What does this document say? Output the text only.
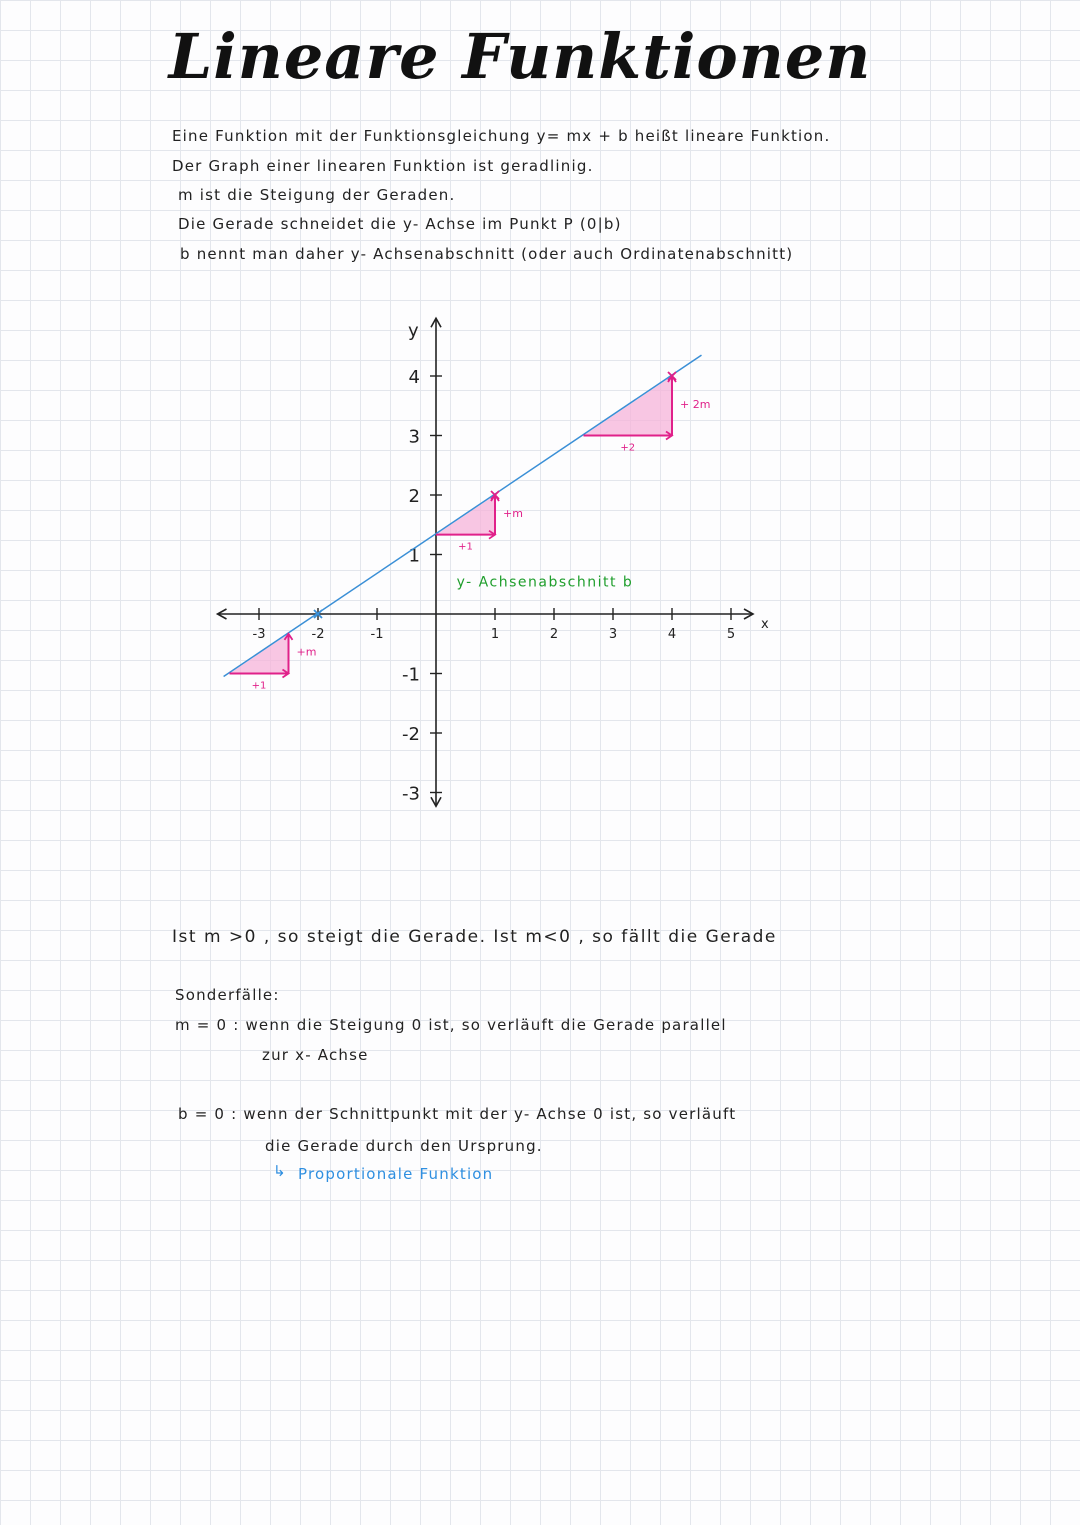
Lineare Funktionen
Eine Funktion mit der Funktionsgleichung y= mx + b heißt lineare Funktion.
Der Graph einer linearen Funktion ist geradlinig.
m ist die Steigung der Geraden.
Die Gerade schneidet die y- Achse im Punkt P (0|b)
b nennt man daher y- Achsenabschnitt (oder auch Ordinatenabschnitt)
x
y
-3	-2	-1	1	2	3	4	5
4
3
2
1
-1
-2
-3
+1
+m
+1
+m
+2
+ 2m
y- Achsenabschnitt b
Ist m >0 , so steigt die Gerade. Ist m<0 , so fällt die Gerade
Sonderfälle:
m = 0 : wenn die Steigung 0 ist, so verläuft die Gerade parallel
zur x- Achse
b = 0 : wenn der Schnittpunkt mit der y- Achse 0 ist, so verläuft
die Gerade durch den Ursprung.
↳ Proportionale Funktion
